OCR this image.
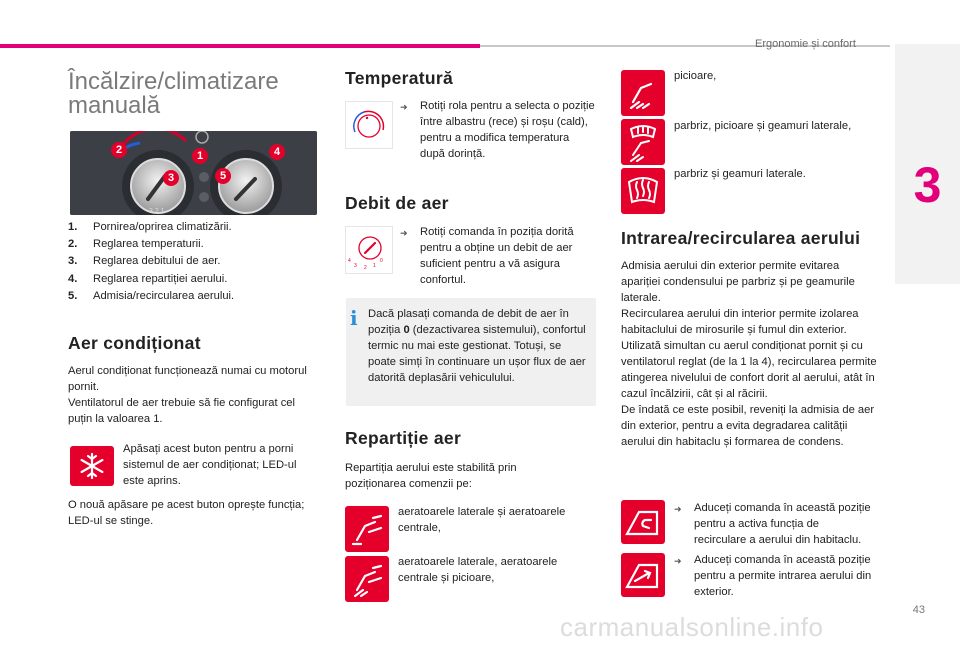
Ergonomie și confort
3
43
carmanualsonline.info
Încălzire/climatizare manuală
3 2 1
2	1	4
3	5
1. Pornirea/oprirea climatizării.
2. Reglarea temperaturii.
3. Reglarea debitului de aer.
4. Reglarea repartiției aerului.
5. Admisia/recircularea aerului.
Aer condiționat
Aerul condiționat funcționează numai cu motorul pornit.
Ventilatorul de aer trebuie să fie configurat cel puțin la valoarea 1.
Apăsați acest buton pentru a porni sistemul de aer condiționat; LED-ul este aprins.
O nouă apăsare pe acest buton oprește funcția; LED-ul se stinge.
Temperatură
➜	Rotiți rola pentru a selecta o poziție între albastru (rece) și roșu (cald), pentru a modifica temperatura după dorință.
Debit de aer
4
3 2 1
0
➜	Rotiți comanda în poziția dorită pentru a obține un debit de aer suficient pentru a vă asigura confortul.
i Dacă plasați comanda de debit de aer în poziția 0 (dezactivarea sistemului), confortul termic nu mai este gestionat. Totuși, se poate simți în continuare un ușor flux de aer datorită deplasării vehiculului.
Repartiție aer
Repartiția aerului este stabilită prin poziționarea comenzii pe:
aeratoarele laterale și aeratoarele centrale,
aeratoarele laterale, aeratoarele centrale și picioare,
picioare,
parbriz, picioare și geamuri laterale,
parbriz și geamuri laterale.
Intrarea/recircularea aerului
Admisia aerului din exterior permite evitarea apariției condensului pe parbriz și pe geamurile laterale.
Recircularea aerului din interior permite izolarea habitaclului de mirosurile și fumul din exterior.
Utilizată simultan cu aerul condiționat pornit și cu ventilatorul reglat (de la 1 la 4), recircularea permite atingerea nivelului de confort dorit al aerului, atât în cazul încălzirii, cât și al răcirii.
De îndată ce este posibil, reveniți la admisia de aer din exterior, pentru a evita degradarea calității aerului din habitaclu și formarea de condens.
➜	Aduceți comanda în această poziție pentru a activa funcția de recirculare a aerului din habitaclu.
➜	Aduceți comanda în această poziție pentru a permite intrarea aerului din exterior.
